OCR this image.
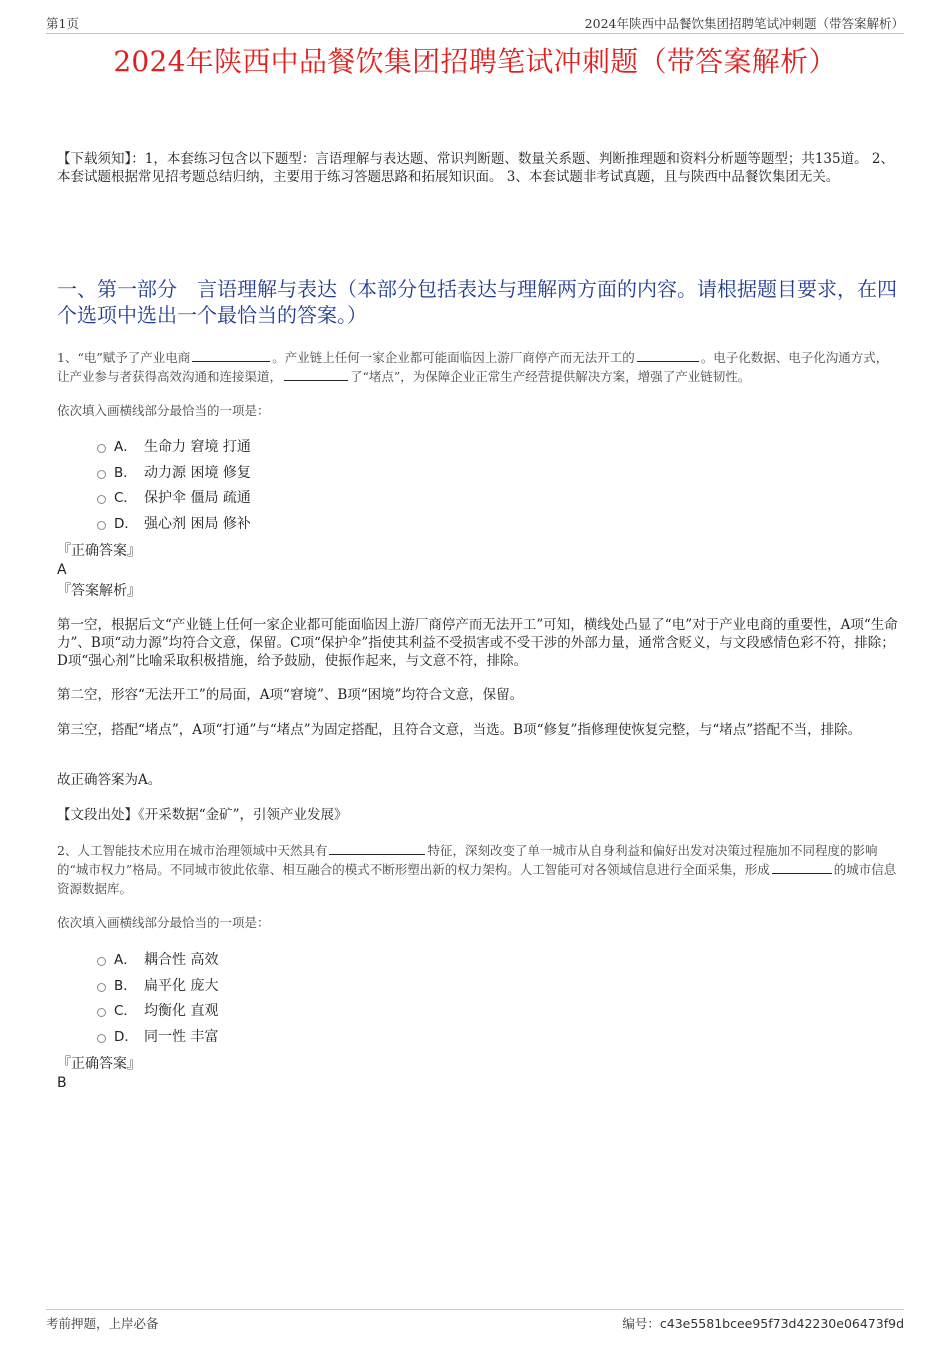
第1页	2024年陕西中品餐饮集团招聘笔试冲刺题（带答案解析）
2024年陕西中品餐饮集团招聘笔试冲刺题（带答案解析）
【下载须知】：1，本套练习包含以下题型：言语理解与表达题、常识判断题、数量关系题、判断推理题和资料分析题等题型；共135道。 2、本套试题根据常见招考题总结归纳，主要用于练习答题思路和拓展知识面。 3、本套试题非考试真题，且与陕西中品餐饮集团无关。
一、第一部分 言语理解与表达（本部分包括表达与理解两方面的内容。请根据题目要求，在四个选项中选出一个最恰当的答案。）
1、“电”赋予了产业电商	。产业链上任何一家企业都可能面临因上游厂商停产而无法开工的	。电子化数据、电子化沟通方式，让产业参与者获得高效沟通和连接渠道，	了“堵点”，为保障企业正常生产经营提供解决方案，增强了产业链韧性。
依次填入画横线部分最恰当的一项是：
A． 生命力 窘境 打通
B． 动力源 困境 修复
C． 保护伞 僵局 疏通
D． 强心剂 困局 修补
『正确答案』
A
『答案解析』
第一空，根据后文“产业链上任何一家企业都可能面临因上游厂商停产而无法开工”可知，横线处凸显了“电”对于产业电商的重要性，A项“生命力”、B项“动力源”均符合文意，保留。C项“保护伞”指使其利益不受损害或不受干涉的外部力量，通常含贬义，与文段感情色彩不符，排除；D项“强心剂”比喻采取积极措施，给予鼓励，使振作起来，与文意不符，排除。
第二空，形容“无法开工”的局面，A项“窘境”、B项“困境”均符合文意，保留。
第三空，搭配“堵点”，A项“打通”与“堵点”为固定搭配，且符合文意，当选。B项“修复”指修理使恢复完整，与“堵点”搭配不当，排除。
故正确答案为A。
【文段出处】《开采数据“金矿”，引领产业发展》
2、人工智能技术应用在城市治理领域中天然具有	特征，深刻改变了单一城市从自身利益和偏好出发对决策过程施加不同程度的影响的“城市权力”格局。不同城市彼此依靠、相互融合的模式不断形塑出新的权力架构。人工智能可对各领域信息进行全面采集，形成	的城市信息资源数据库。
依次填入画横线部分最恰当的一项是：
A． 耦合性 高效
B． 扁平化 庞大
C． 均衡化 直观
D． 同一性 丰富
『正确答案』
B
考前押题，上岸必备	编号：c43e5581bcee95f73d42230e06473f9d
